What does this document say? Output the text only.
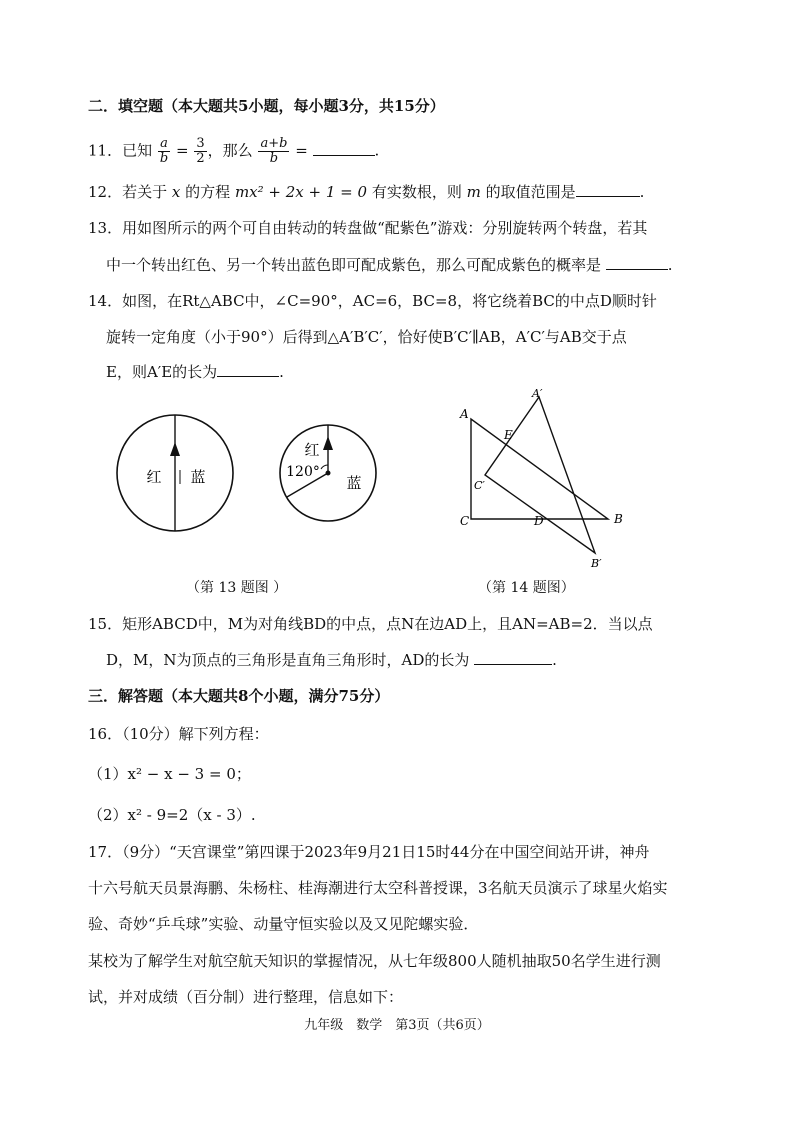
二．填空题（本大题共5小题，每小题3分，共15分）
11．已知 $\frac{a}{b} = \frac{3}{2}$ ，那么 $\frac{a+b}{b}$ =	.
12．若关于 x 的方程 mx² + 2x + 1 = 0 有实数根，则 m 的取值范围是	.
13．用如图所示的两个可自由转动的转盘做“配紫色”游戏：分别旋转两个转盘，若其
中一个转出红色、另一个转出蓝色即可配成紫色，那么可配成紫色的概率是	.
14．如图，在Rt△ABC中，∠C=90°，AC=6，BC=8，将它绕着BC的中点D顺时针
旋转一定角度（小于90°）后得到△A′B′C′，恰好使B′C′∥AB，A′C′与AB交于点
E，则A′E的长为	.
红 蓝
红
120°
蓝
（第 13 题图 ）
A
A′
E
C′
C	D	B
B′
（第 14 题图）
15．矩形ABCD中，M为对角线BD的中点，点N在边AD上，且AN=AB=2．当以点
D，M，N为顶点的三角形是直角三角形时，AD的长为	.
三．解答题（本大题共8个小题，满分75分）
16．（10分）解下列方程：
（1）x² − x − 3 = 0；
（2）x² - 9=2（x - 3）.
17．（9分）“天宫课堂”第四课于2023年9月21日15时44分在中国空间站开讲，神舟
十六号航天员景海鹏、朱杨柱、桂海潮进行太空科普授课，3名航天员演示了球星火焰实
验、奇妙“乒乓球”实验、动量守恒实验以及又见陀螺实验．
某校为了解学生对航空航天知识的掌握情况，从七年级800人随机抽取50名学生进行测
试，并对成绩（百分制）进行整理，信息如下：
九年级　数学　第3页（共6页）
